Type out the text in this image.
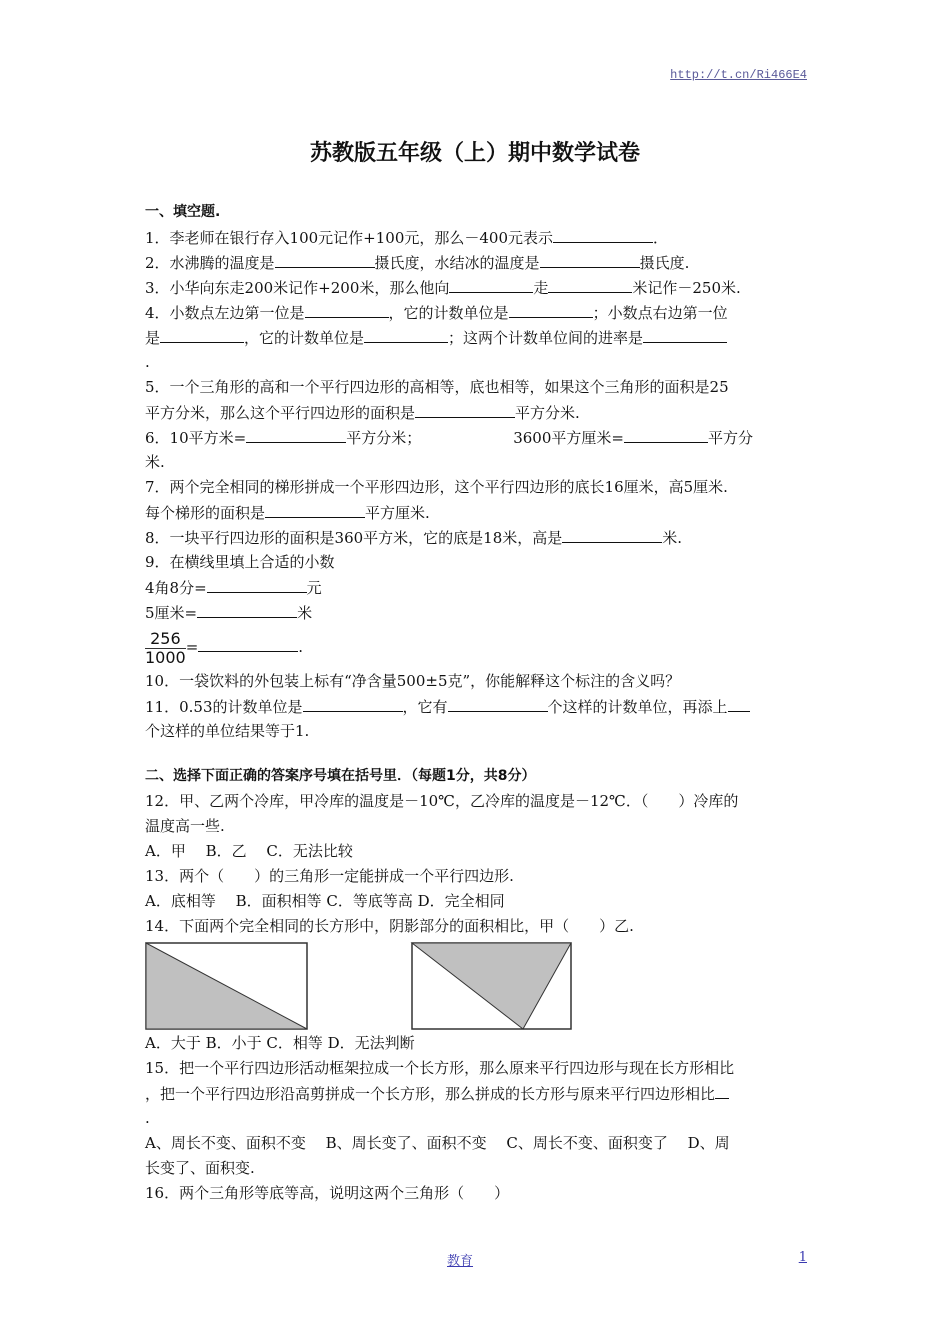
http://t.cn/Ri466E4
苏教版五年级（上）期中数学试卷
一、填空题.
1．李老师在银行存入100元记作+100元，那么－400元表示	．
2．水沸腾的温度是	摄氏度，水结冰的温度是	摄氏度.
3．小华向东走200米记作+200米，那么他向	走	米记作－250米.
4．小数点左边第一位是	，它的计数单位是	；小数点右边第一位
是	，它的计数单位是	；这两个计数单位间的进率是
.
5．一个三角形的高和一个平行四边形的高相等，底也相等，如果这个三角形的面积是25
平方分米，那么这个平行四边形的面积是	平方分米.
6．10平方米=	平方分米；	3600平方厘米=	平方分
米.
7．两个完全相同的梯形拼成一个平形四边形，这个平行四边形的底长16厘米，高5厘米.
每个梯形的面积是	平方厘米.
8．一块平行四边形的面积是360平方米，它的底是18米，高是	米.
9．在横线里填上合适的小数
4角8分=	元
5厘米=	米
$\frac{256}{1000}$ =	.
10．一袋饮料的外包装上标有“净含量500±5克”，你能解释这个标注的含义吗？
11．0.53的计数单位是	，它有	个这样的计数单位，再添上
个这样的单位结果等于1.
二、选择下面正确的答案序号填在括号里．（每题1分，共8分）
12．甲、乙两个冷库，甲冷库的温度是－10℃，乙冷库的温度是－12℃．（　　）冷库的
温度高一些.
A．甲　 B．乙　 C．无法比较
13．两个（　　）的三角形一定能拼成一个平行四边形.
A．底相等　 B．面积相等 C．等底等高 D．完全相同
14．下面两个完全相同的长方形中，阴影部分的面积相比，甲（　　）乙.
A．大于 B．小于 C．相等 D．无法判断
15．把一个平行四边形活动框架拉成一个长方形，那么原来平行四边形与现在长方形相比
，把一个平行四边形沿高剪拼成一个长方形，那么拼成的长方形与原来平行四边形相比
.
A、周长不变、面积不变　 B、周长变了、面积不变　 C、周长不变、面积变了　 D、周
长变了、面积变.
16．两个三角形等底等高，说明这两个三角形（　　）
教育	1
